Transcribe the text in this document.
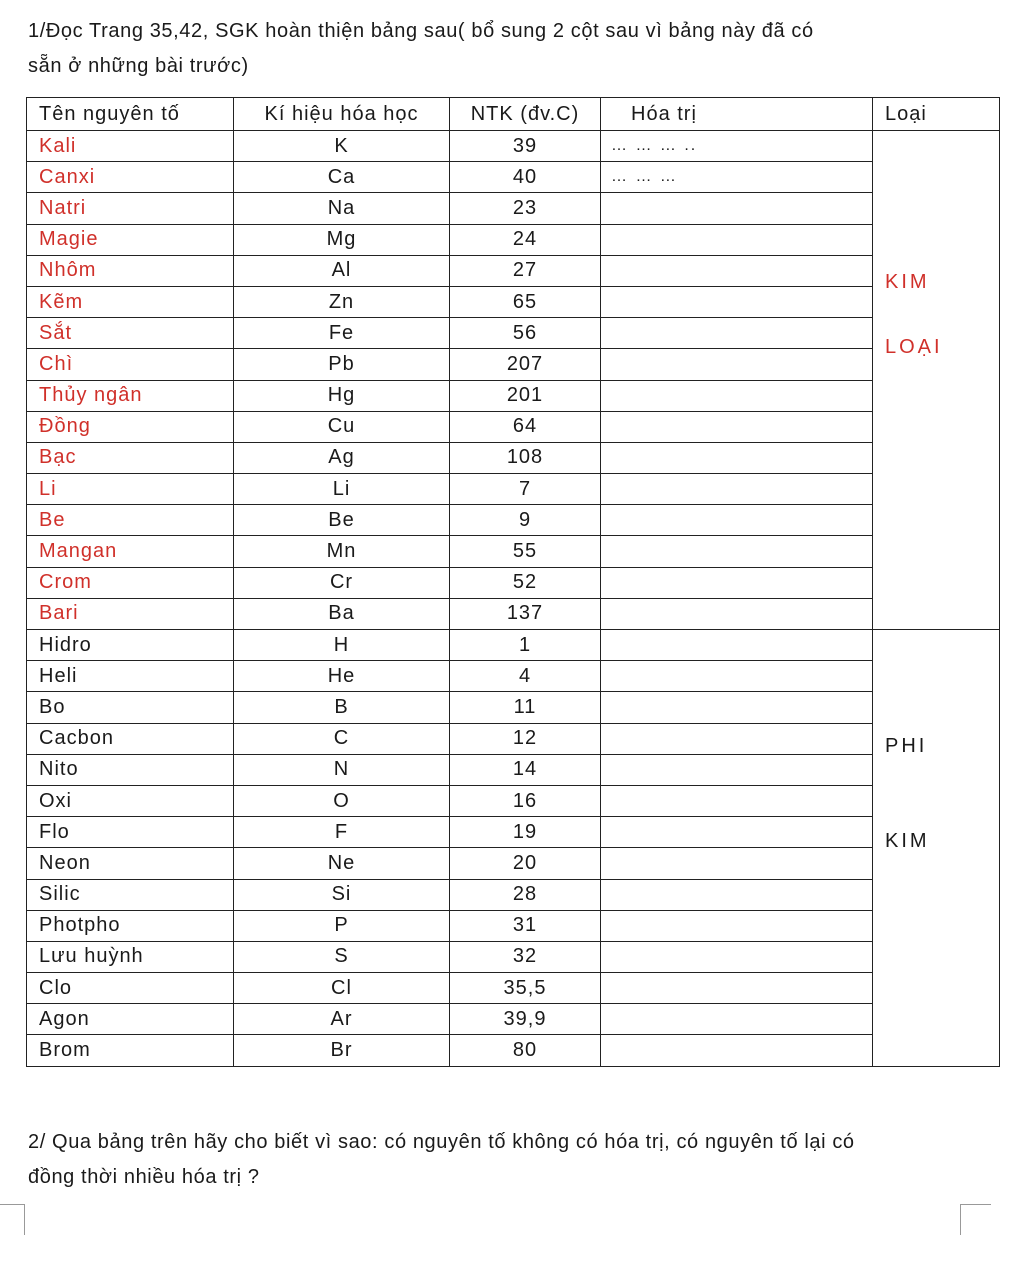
1/Đọc Trang 35,42, SGK hoàn thiện bảng sau( bổ sung 2 cột sau vì bảng này đã có
sẵn ở những bài trước)
Tên nguyên tố	Kí hiệu hóa học	NTK (đv.C)	Hóa trị	Loại
Kali	K	39	… … … ..	KIM
LOẠI

Canxi	Ca	40	… … …	
Natri	Na	23		
Magie	Mg	24		
Nhôm	Al	27		
Kẽm	Zn	65		
Sắt	Fe	56		
Chì	Pb	207		
Thủy ngân	Hg	201		
Đồng	Cu	64		
Bạc	Ag	108		
Li	Li	7		
Be	Be	9		
Mangan	Mn	55		
Crom	Cr	52		
Bari	Ba	137		
Hidro	H	1		PHI
KIM

Heli	He	4		
Bo	B	11		
Cacbon	C	12		
Nito	N	14		
Oxi	O	16		
Flo	F	19		
Neon	Ne	20		
Silic	Si	28		
Photpho	P	31		
Lưu huỳnh	S	32		
Clo	Cl	35,5		
Agon	Ar	39,9		
Brom	Br	80		
2/ Qua bảng trên hãy cho biết vì sao: có nguyên tố không có hóa trị, có nguyên tố lại có
đồng thời nhiều hóa trị ?
